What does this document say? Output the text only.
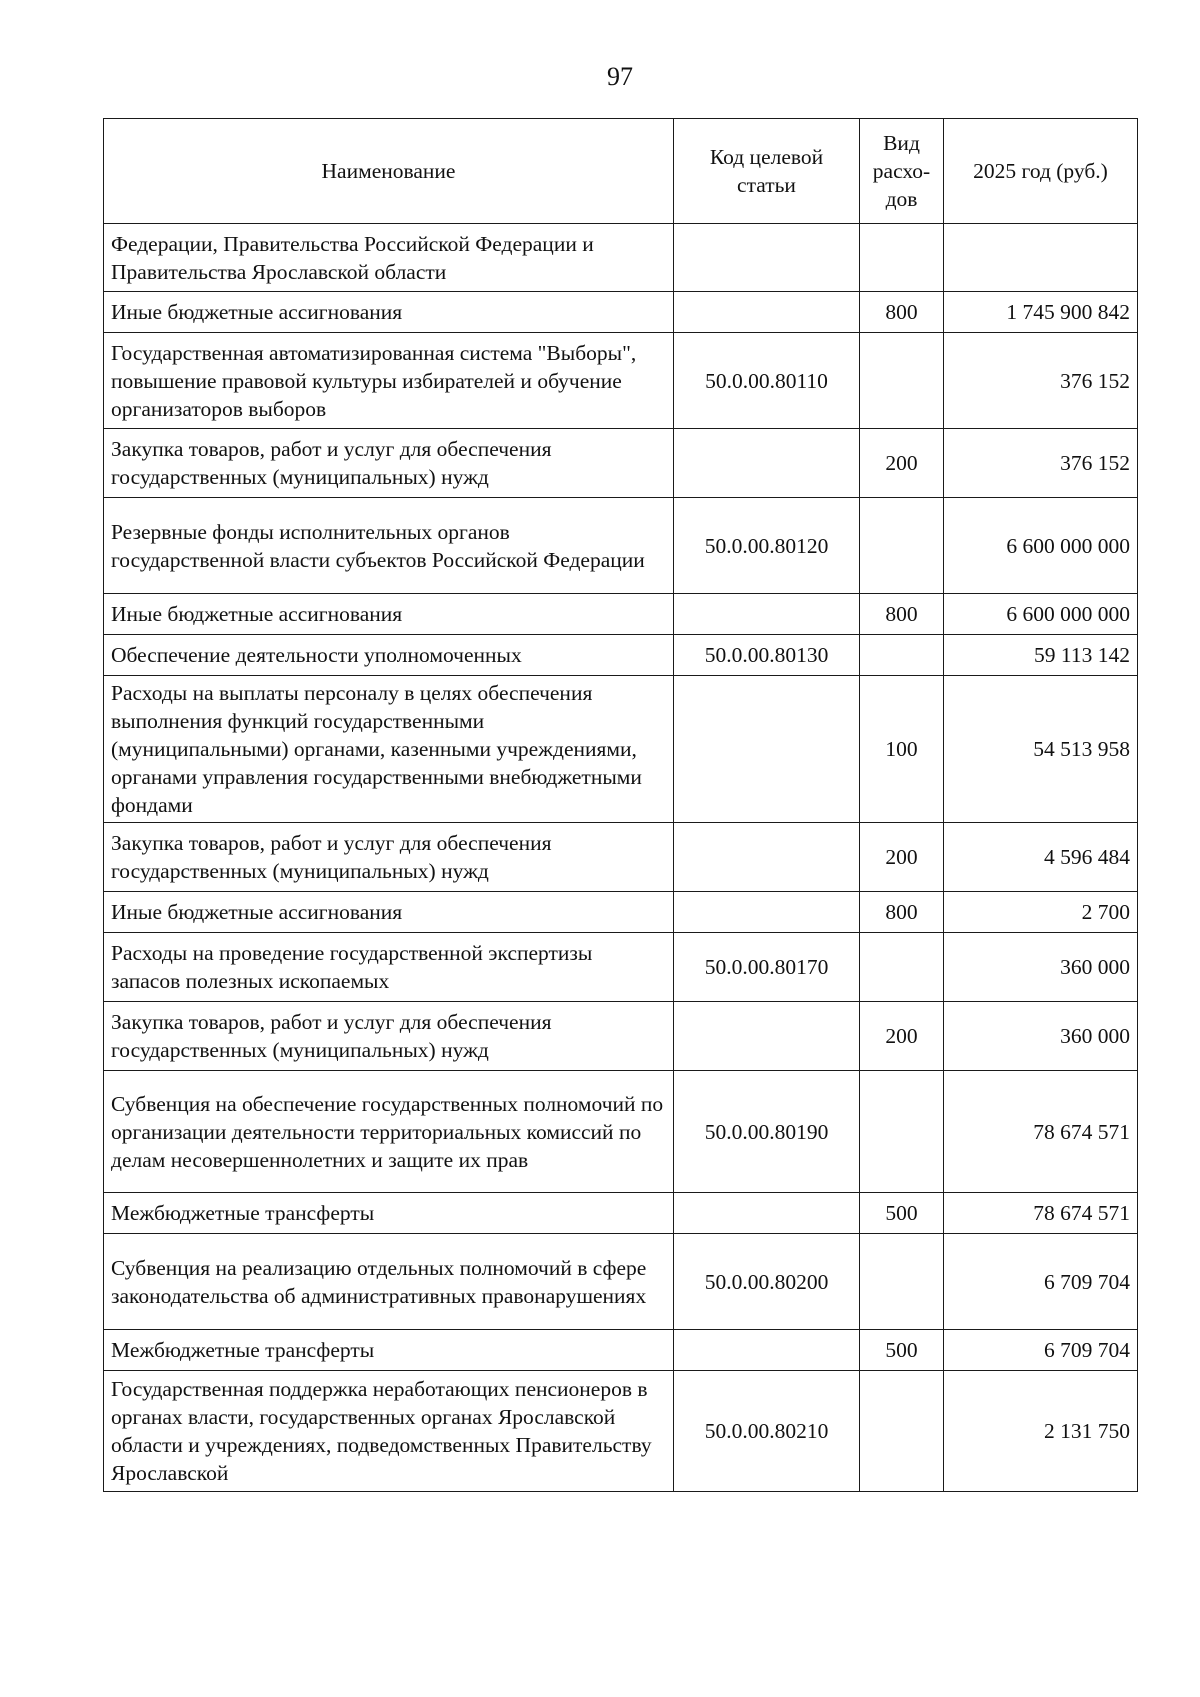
97
Наименование	Код целевой статьи	Вид расхо-дов	2025 год (руб.)
Федерации, Правительства Российской Федерации и Правительства Ярославской области			
Иные бюджетные ассигнования		800	1 745 900 842
Государственная автоматизированная система "Выборы", повышение правовой культуры избирателей и обучение организаторов выборов	50.0.00.80110		376 152
Закупка товаров, работ и услуг для обеспечения государственных (муниципальных) нужд		200	376 152
Резервные фонды исполнительных органов государственной власти субъектов Российской Федерации	50.0.00.80120		6 600 000 000
Иные бюджетные ассигнования		800	6 600 000 000
Обеспечение деятельности уполномоченных	50.0.00.80130		59 113 142
Расходы на выплаты персоналу в целях обеспечения выполнения функций государственными (муниципальными) органами, казенными учреждениями, органами управления государственными внебюджетными фондами		100	54 513 958
Закупка товаров, работ и услуг для обеспечения государственных (муниципальных) нужд		200	4 596 484
Иные бюджетные ассигнования		800	2 700
Расходы на проведение государственной экспертизы запасов полезных ископаемых	50.0.00.80170		360 000
Закупка товаров, работ и услуг для обеспечения государственных (муниципальных) нужд		200	360 000
Субвенция на обеспечение государственных полномочий по организации деятельности территориальных комиссий по делам несовершеннолетних и защите их прав	50.0.00.80190		78 674 571
Межбюджетные трансферты		500	78 674 571
Субвенция на реализацию отдельных полномочий в сфере законодательства об административных правонарушениях	50.0.00.80200		6 709 704
Межбюджетные трансферты		500	6 709 704
Государственная поддержка неработающих пенсионеров в органах власти, государственных органах Ярославской области и учреждениях, подведомственных Правительству Ярославской	50.0.00.80210		2 131 750
